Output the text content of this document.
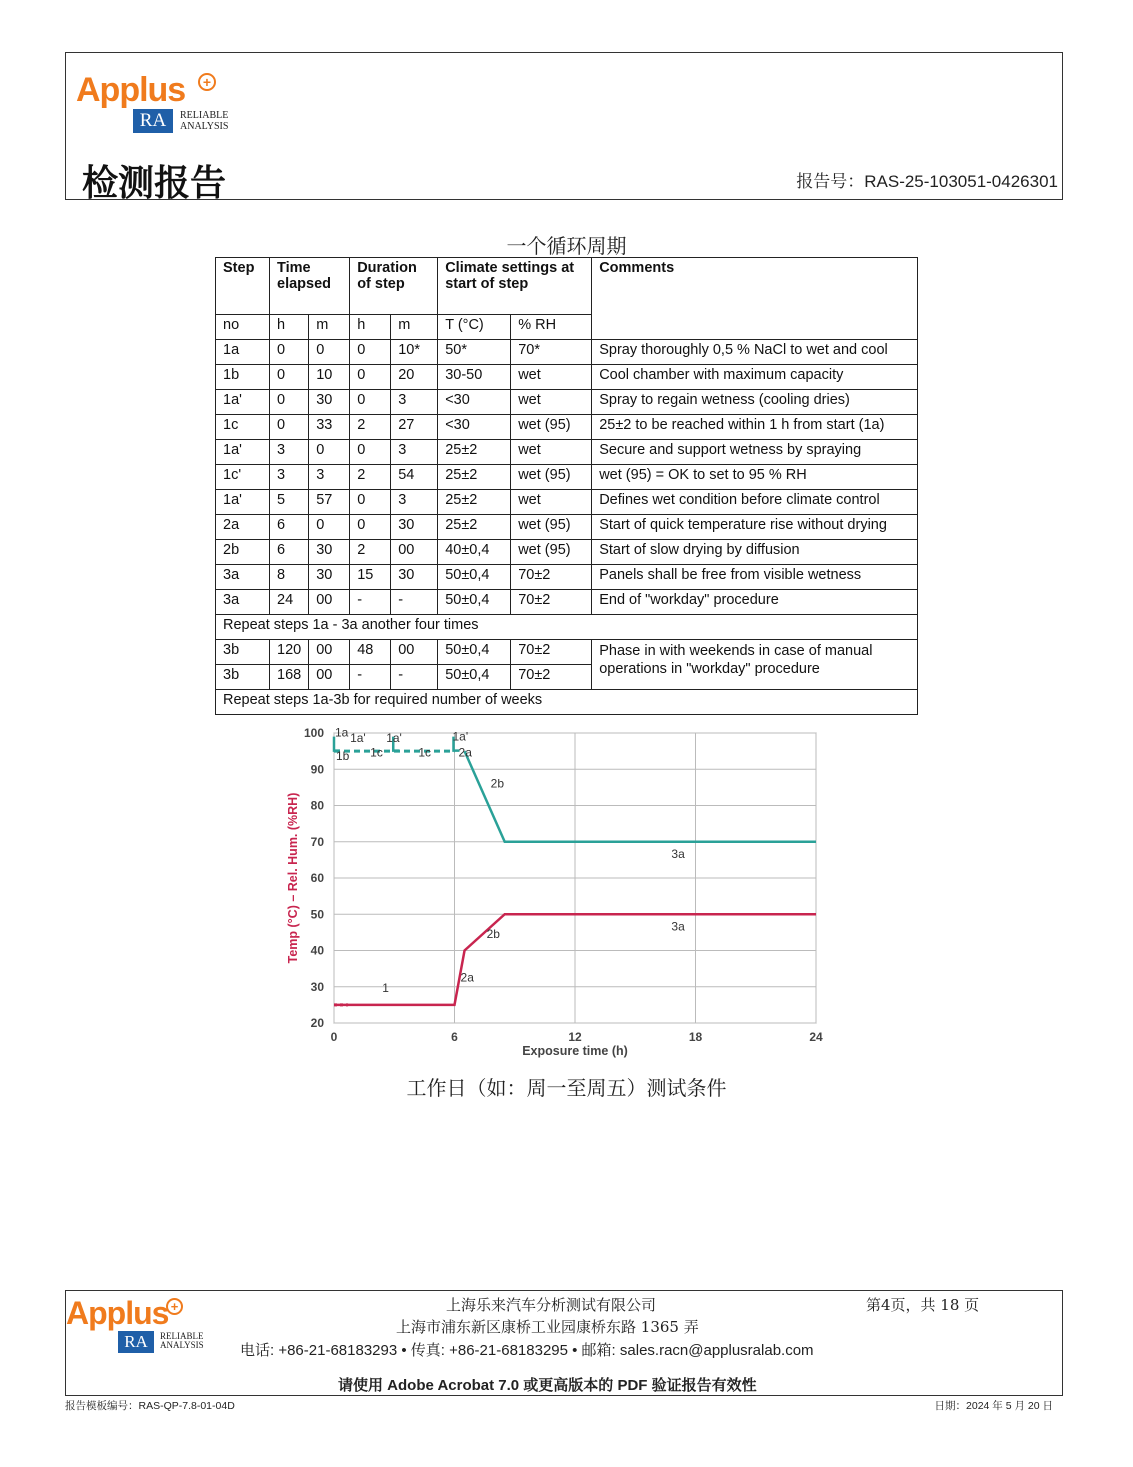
Applus	+
RA	RELIABLE
ANALYSIS
检测报告	报告号：RAS-25-103051-0426301
一个循环周期
Step	Time elapsed		Duration of step		Climate settings at start of step		Comments
no	h	m	h	m	T (°C)	% RH	
1a	0	0	0	10*	50*	70*	Spray thoroughly 0,5 % NaCl to wet and cool
1b	0	10	0	20	30-50	wet	Cool chamber with maximum capacity
1a'	0	30	0	3	<30	wet	Spray to regain wetness (cooling dries)
1c	0	33	2	27	<30	wet (95)	25±2 to be reached within 1 h from start (1a)
1a'	3	0	0	3	25±2	wet	Secure and support wetness by spraying
1c'	3	3	2	54	25±2	wet (95)	wet (95) = OK to set to 95 % RH
1a'	5	57	0	3	25±2	wet	Defines wet condition before climate control
2a	6	0	0	30	25±2	wet (95)	Start of quick temperature rise without drying
2b	6	30	2	00	40±0,4	wet (95)	Start of slow drying by diffusion
3a	8	30	15	30	50±0,4	70±2	Panels shall be free from visible wetness
3a	24	00	-	-	50±0,4	70±2	End of "workday" procedure
Repeat steps 1a - 3a another four times							
3b	120	00	48	00	50±0,4	70±2	Phase in with weekends in case of manual operations in "workday" procedure
3b	168	00	-	-	50±0,4	70±2	
Repeat steps 1a-3b for required number of weeks							
0	6	12	18	24
20
30
40
50
60
70
80
90
100
Exposure time (h)
Temp (°C) – Rel. Hum. (%RH)
1a 1a' 1a'	1a'
1b 1c	1c 2a
2b
3a
2b
3a
1
2a
工作日（如：周一至周五）测试条件
Applus +
RA	RELIABLE
ANALYSIS
上海乐来汽车分析测试有限公司	第4页，共 18 页
上海市浦东新区康桥工业园康桥东路 1365 弄
电话: +86-21-68183293 • 传真: +86-21-68183295 • 邮箱: sales.racn@applusralab.com
请使用 Adobe Acrobat 7.0 或更高版本的 PDF 验证报告有效性
报告模板编号：RAS-QP-7.8-01-04D	日期：2024 年 5 月 20 日
